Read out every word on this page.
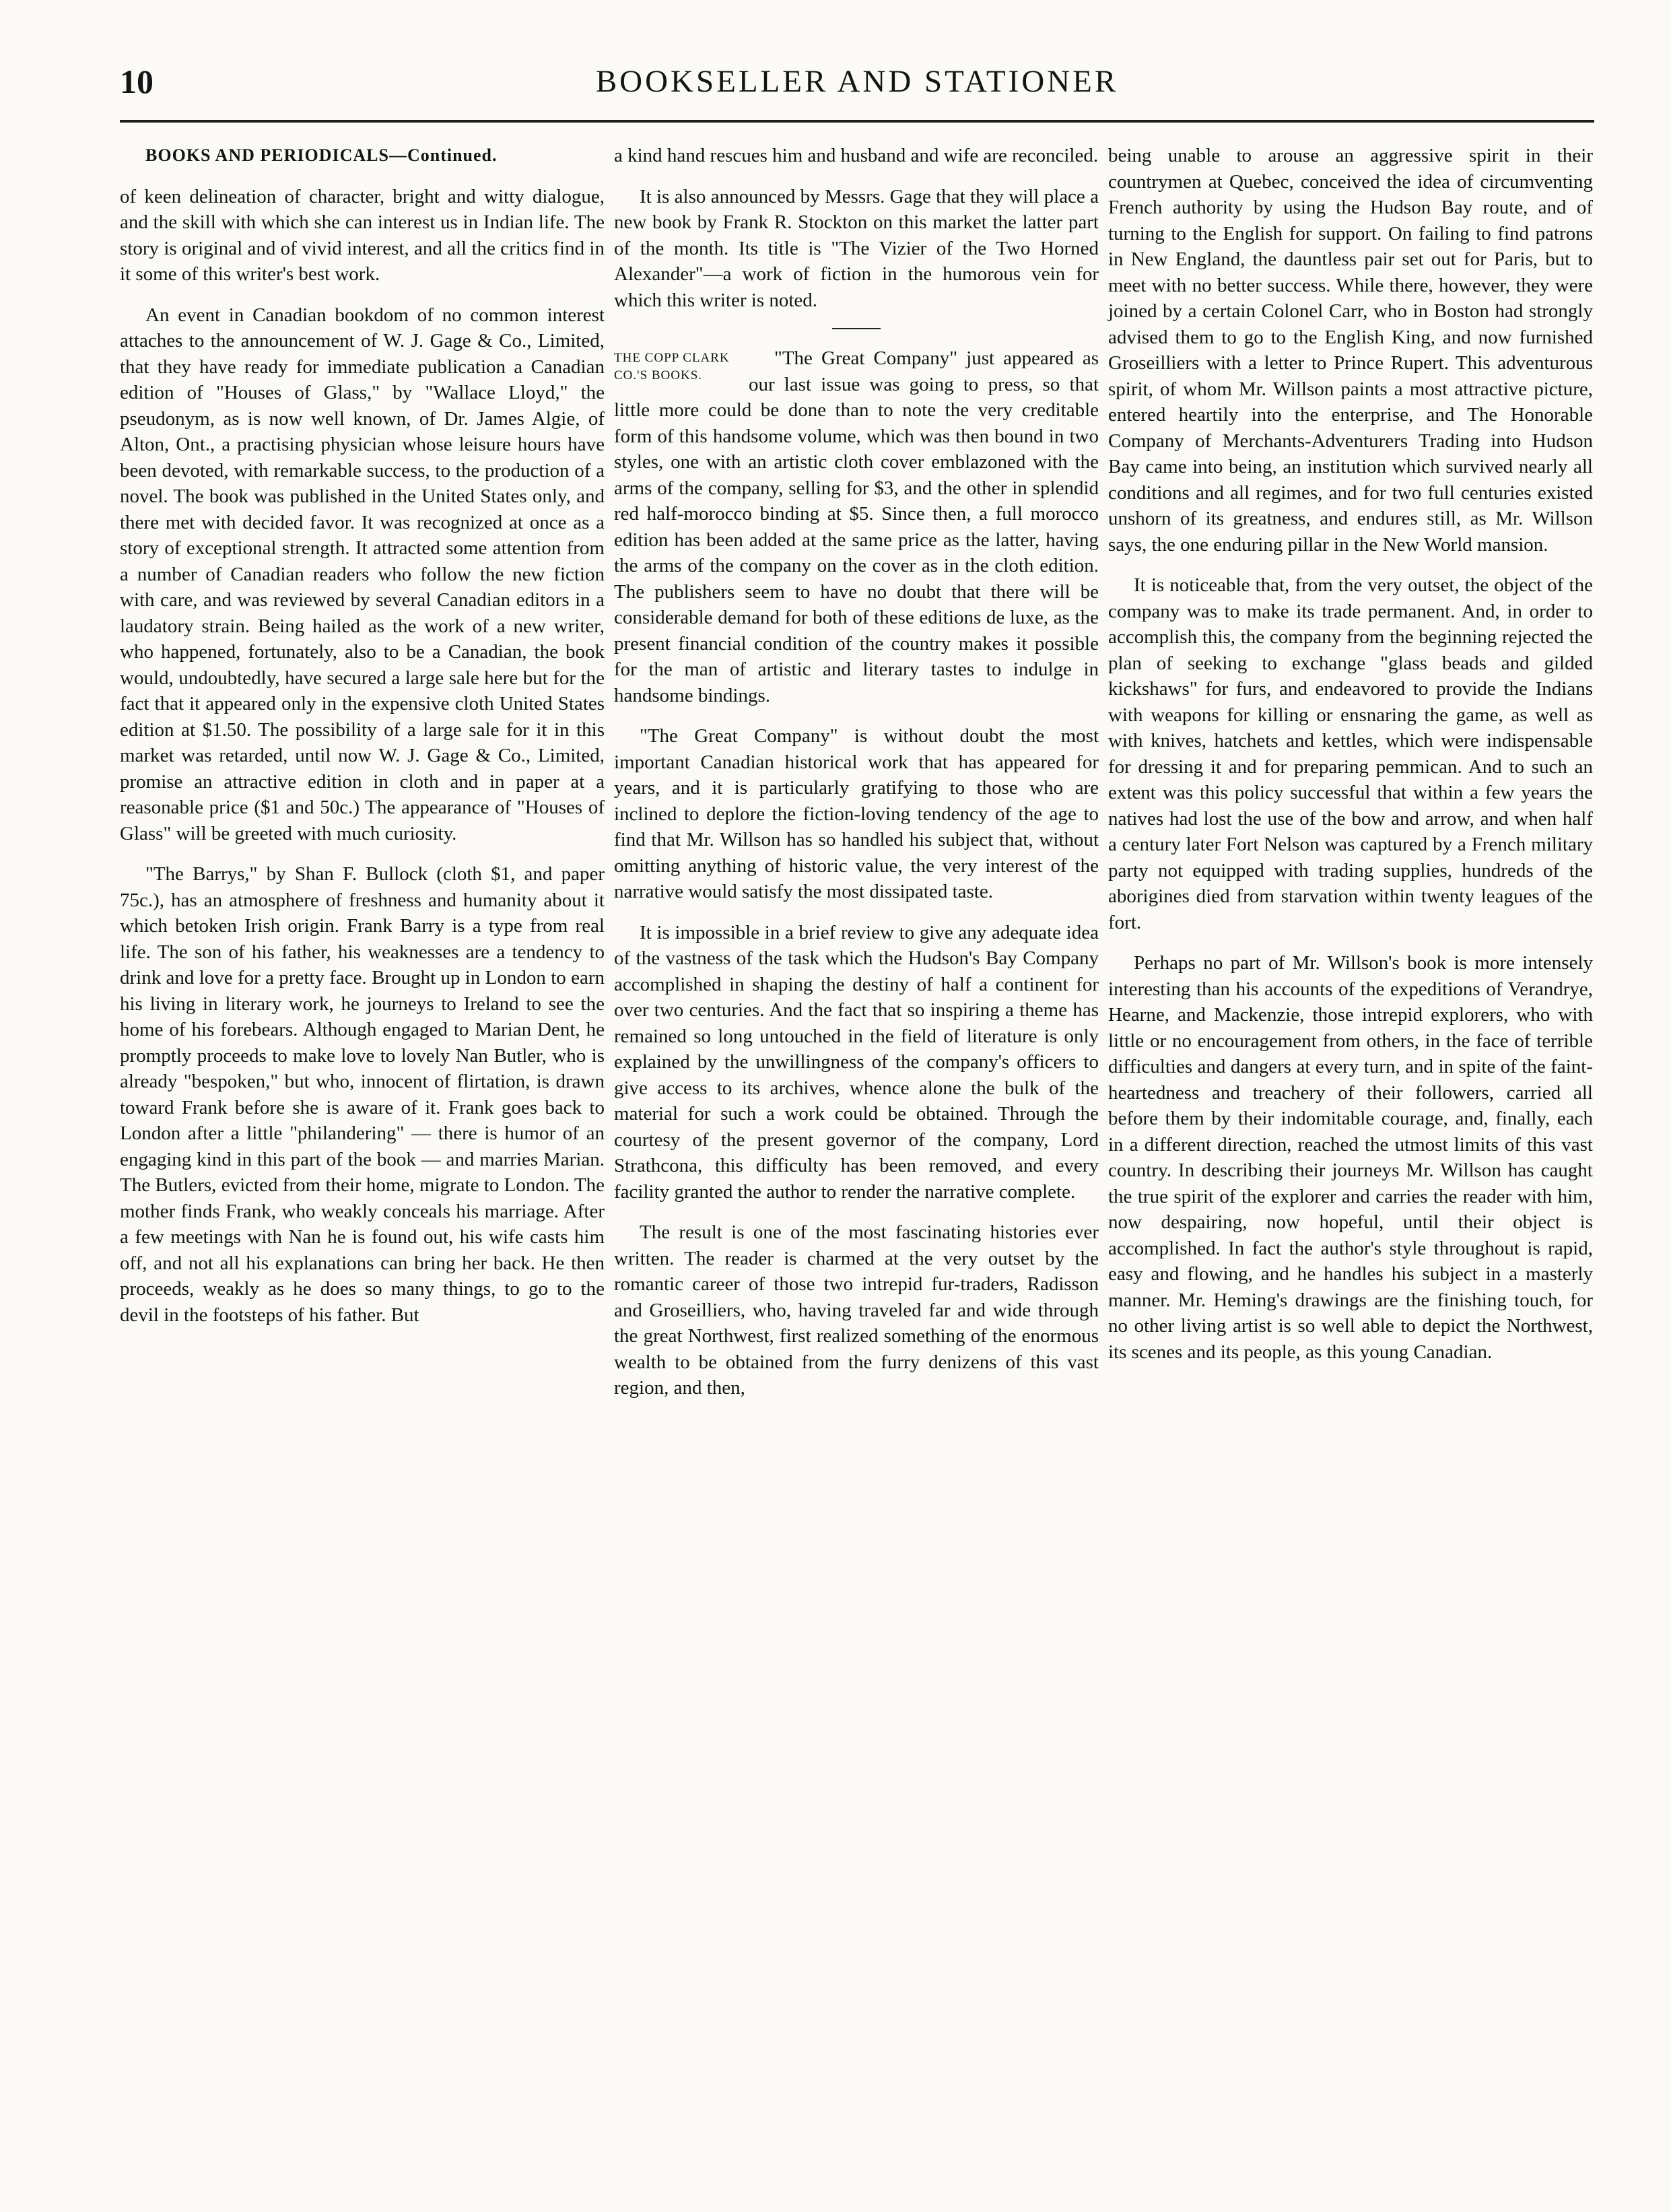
10	BOOKSELLER AND STATIONER

BOOKS AND PERIODICALS—Continued.

of keen delineation of character, bright and witty dialogue, and the skill with which she can interest us in Indian life. The story is original and of vivid interest, and all the critics find in it some of this writer's best work.

An event in Canadian bookdom of no common interest attaches to the announcement of W. J. Gage & Co., Limited, that they have ready for immediate publication a Canadian edition of "Houses of Glass," by "Wallace Lloyd," the pseudonym, as is now well known, of Dr. James Algie, of Alton, Ont., a practising physician whose leisure hours have been devoted, with remarkable success, to the production of a novel. The book was published in the United States only, and there met with decided favor. It was recognized at once as a story of exceptional strength. It attracted some attention from a number of Canadian readers who follow the new fiction with care, and was reviewed by several Canadian editors in a laudatory strain. Being hailed as the work of a new writer, who happened, fortunately, also to be a Canadian, the book would, undoubtedly, have secured a large sale here but for the fact that it appeared only in the expensive cloth United States edition at $1.50. The possibility of a large sale for it in this market was retarded, until now W. J. Gage & Co., Limited, promise an attractive edition in cloth and in paper at a reasonable price ($1 and 50c.) The appearance of "Houses of Glass" will be greeted with much curiosity.

"The Barrys," by Shan F. Bullock (cloth $1, and paper 75c.), has an atmosphere of freshness and humanity about it which betoken Irish origin. Frank Barry is a type from real life. The son of his father, his weaknesses are a tendency to drink and love for a pretty face. Brought up in London to earn his living in literary work, he journeys to Ireland to see the home of his forebears. Although engaged to Marian Dent, he promptly proceeds to make love to lovely Nan Butler, who is already "bespoken," but who, innocent of flirtation, is drawn toward Frank before she is aware of it. Frank goes back to London after a little "philandering" — there is humor of an engaging kind in this part of the book — and marries Marian. The Butlers, evicted from their home, migrate to London. The mother finds Frank, who weakly conceals his marriage. After a few meetings with Nan he is found out, his wife casts him off, and not all his explanations can bring her back. He then proceeds, weakly as he does so many things, to go to the devil in the footsteps of his father. But

a kind hand rescues him and husband and wife are reconciled.

It is also announced by Messrs. Gage that they will place a new book by Frank R. Stockton on this market the latter part of the month. Its title is "The Vizier of the Two Horned Alexander"—a work of fiction in the humorous vein for which this writer is noted.

THE COPP CLARK CO.'S BOOKS.

"The Great Company" just appeared as our last issue was going to press, so that little more could be done than to note the very creditable form of this handsome volume, which was then bound in two styles, one with an artistic cloth cover emblazoned with the arms of the company, selling for $3, and the other in splendid red half-morocco binding at $5. Since then, a full morocco edition has been added at the same price as the latter, having the arms of the company on the cover as in the cloth edition. The publishers seem to have no doubt that there will be considerable demand for both of these editions de luxe, as the present financial condition of the country makes it possible for the man of artistic and literary tastes to indulge in handsome bindings.

"The Great Company" is without doubt the most important Canadian historical work that has appeared for years, and it is particularly gratifying to those who are inclined to deplore the fiction-loving tendency of the age to find that Mr. Willson has so handled his subject that, without omitting anything of historic value, the very interest of the narrative would satisfy the most dissipated taste.

It is impossible in a brief review to give any adequate idea of the vastness of the task which the Hudson's Bay Company accomplished in shaping the destiny of half a continent for over two centuries. And the fact that so inspiring a theme has remained so long untouched in the field of literature is only explained by the unwillingness of the company's officers to give access to its archives, whence alone the bulk of the material for such a work could be obtained. Through the courtesy of the present governor of the company, Lord Strathcona, this difficulty has been removed, and every facility granted the author to render the narrative complete.

The result is one of the most fascinating histories ever written. The reader is charmed at the very outset by the romantic career of those two intrepid fur-traders, Radisson and Groseilliers, who, having traveled far and wide through the great Northwest, first realized something of the enormous wealth to be obtained from the furry denizens of this vast region, and then,

being unable to arouse an aggressive spirit in their countrymen at Quebec, conceived the idea of circumventing French authority by using the Hudson Bay route, and of turning to the English for support. On failing to find patrons in New England, the dauntless pair set out for Paris, but to meet with no better success. While there, however, they were joined by a certain Colonel Carr, who in Boston had strongly advised them to go to the English King, and now furnished Groseilliers with a letter to Prince Rupert. This adventurous spirit, of whom Mr. Willson paints a most attractive picture, entered heartily into the enterprise, and The Honorable Company of Merchants-Adventurers Trading into Hudson Bay came into being, an institution which survived nearly all conditions and all regimes, and for two full centuries existed unshorn of its greatness, and endures still, as Mr. Willson says, the one enduring pillar in the New World mansion.

It is noticeable that, from the very outset, the object of the company was to make its trade permanent. And, in order to accomplish this, the company from the beginning rejected the plan of seeking to exchange "glass beads and gilded kickshaws" for furs, and endeavored to provide the Indians with weapons for killing or ensnaring the game, as well as with knives, hatchets and kettles, which were indispensable for dressing it and for preparing pemmican. And to such an extent was this policy successful that within a few years the natives had lost the use of the bow and arrow, and when half a century later Fort Nelson was captured by a French military party not equipped with trading supplies, hundreds of the aborigines died from starvation within twenty leagues of the fort.

Perhaps no part of Mr. Willson's book is more intensely interesting than his accounts of the expeditions of Verandrye, Hearne, and Mackenzie, those intrepid explorers, who with little or no encouragement from others, in the face of terrible difficulties and dangers at every turn, and in spite of the faint-heartedness and treachery of their followers, carried all before them by their indomitable courage, and, finally, each in a different direction, reached the utmost limits of this vast country. In describing their journeys Mr. Willson has caught the true spirit of the explorer and carries the reader with him, now despairing, now hopeful, until their object is accomplished. In fact the author's style throughout is rapid, easy and flowing, and he handles his subject in a masterly manner. Mr. Heming's drawings are the finishing touch, for no other living artist is so well able to depict the Northwest, its scenes and its people, as this young Canadian.
